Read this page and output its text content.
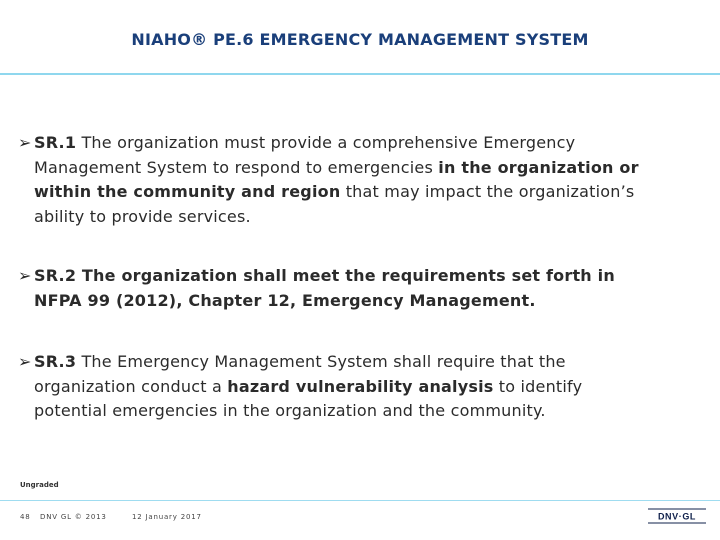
NIAHO® PE.6 EMERGENCY MANAGEMENT SYSTEM
➢ SR.1 The organization must provide a comprehensive Emergency
Management System to respond to emergencies in the organization or
within the community and region that may impact the organization’s
ability to provide services.
➢ SR.2 The organization shall meet the requirements set forth in
NFPA 99 (2012), Chapter 12, Emergency Management.
➢ SR.3 The Emergency Management System shall require that the
organization conduct a hazard vulnerability analysis to identify
potential emergencies in the organization and the community.
Ungraded
48 DNV GL © 2013	12 January 2017	DNV·GL
